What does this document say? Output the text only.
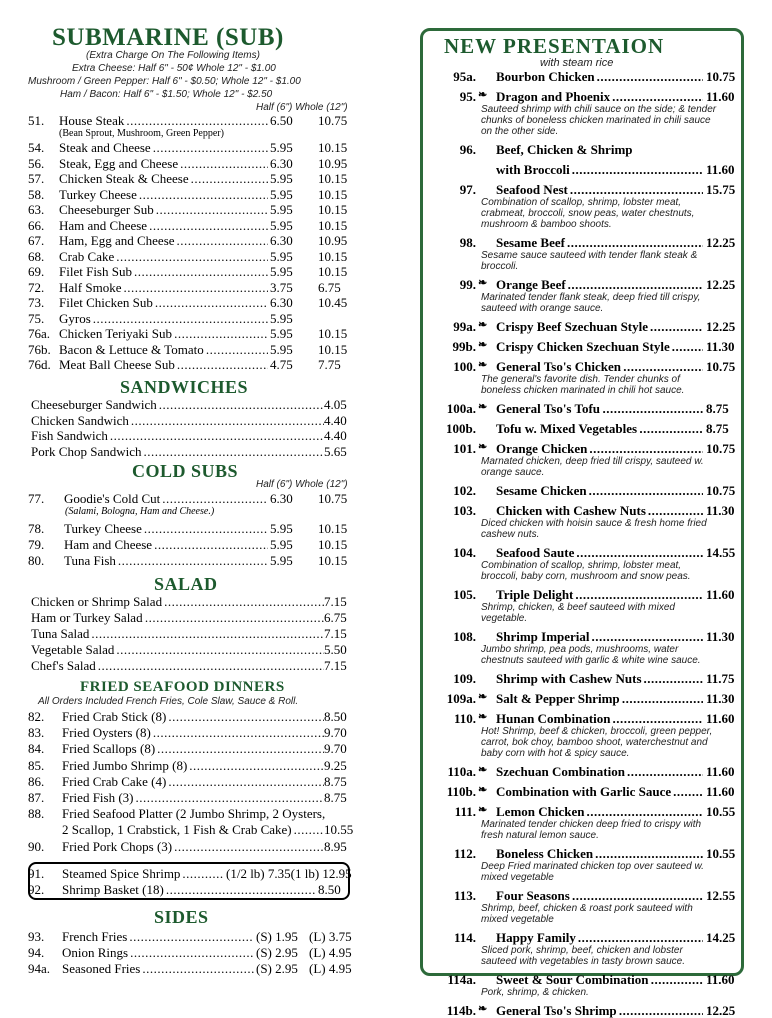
SUBMARINE (SUB)
(Extra Charge On The Following Items)
Extra Cheese: Half 6" - 50¢ Whole 12" - $1.00
Mushroom / Green Pepper: Half 6" - $0.50; Whole 12" - $1.00
Ham / Bacon: Half 6" - $1.50; Whole 12" - $2.50
Half (6") Whole (12")
51. House Steak .....	6.50 10.75
(Bean Sprout, Mushroom, Green Pepper)
54. Steak and Cheese .....	5.95 10.15
56. Steak, Egg and Cheese .....	6.30 10.95
57. Chicken Steak & Cheese .....	5.95 10.15
58. Turkey Cheese .....	5.95 10.15
63. Cheeseburger Sub .....	5.95 10.15
66. Ham and Cheese .....	5.95 10.15
67. Ham, Egg and Cheese .....	6.30 10.95
68. Crab Cake .....	5.95 10.15
69. Filet Fish Sub .....	5.95 10.15
72. Half Smoke .....	3.75 6.75
73. Filet Chicken Sub .....	6.30 10.45
75. Gyros .....	5.95
76a. Chicken Teriyaki Sub .....	5.95 10.15
76b. Bacon & Lettuce & Tomato .....	5.95 10.15
76d. Meat Ball Cheese Sub .....	4.75 7.75
SANDWICHES
Cheeseburger Sandwich .....	4.05
Chicken Sandwich .....	4.40
Fish Sandwich .....	4.40
Pork Chop Sandwich .....	5.65
COLD SUBS
Half (6") Whole (12")
77. Goodie's Cold Cut .....	6.30 10.75
(Salami, Bologna, Ham and Cheese.)
78. Turkey Cheese .....	5.95 10.15
79. Ham and Cheese .....	5.95 10.15
80. Tuna Fish .....	5.95 10.15
SALAD
Chicken or Shrimp Salad .....	7.15
Ham or Turkey Salad .....	6.75
Tuna Salad .....	7.15
Vegetable Salad .....	5.50
Chef's Salad .....	7.15
FRIED SEAFOOD DINNERS
All Orders Included French Fries, Cole Slaw, Sauce & Roll.
82. Fried Crab Stick (8) .....	8.50
83. Fried Oysters (8) .....	9.70
84. Fried Scallops (8) .....	9.70
85. Fried Jumbo Shrimp (8) .....	9.25
86. Fried Crab Cake (4) .....	8.75
87. Fried Fish (3) .....	8.75
88. Fried Seafood Platter (2 Jumbo Shrimp, 2 Oysters,
2 Scallop, 1 Crabstick, 1 Fish & Crab Cake) ..... 10.55
90. Fried Pork Chops (3) .....	8.95
91. Steamed Spice Shrimp .....	(1/2 lb) 7.35(1 lb) 12.95
92. Shrimp Basket (18) .....	8.50
SIDES
93. French Fries .....	(S) 1.95 (L) 3.75
94. Onion Rings .....	(S) 2.95 (L) 4.95
94a. Seasoned Fries .....	(S) 2.95 (L) 4.95
NEW PRESENTAION
with steam rice
95a. Bourbon Chicken .....	10.75
95. ❧ Dragon and Phoenix .....	11.60
Sauteed shrimp with chili sauce on the side; & tender chunks of boneless chicken marinated in chili sauce on the other side.
96. Beef, Chicken & Shrimp
with Broccoli .....	11.60
97. Seafood Nest .....	15.75
Combination of scallop, shrimp, lobster meat, crabmeat, broccoli, snow peas, water chestnuts, mushroom & bamboo shoots.
98. Sesame Beef .....	12.25
Sesame sauce sauteed with tender flank steak & broccoli.
99. ❧ Orange Beef .....	12.25
Marinated tender flank steak, deep fried till crispy, sauteed with orange sauce.
99a. ❧ Crispy Beef Szechuan Style .....	12.25
99b. ❧ Crispy Chicken Szechuan Style .....	11.30
100. ❧ General Tso's Chicken .....	10.75
The general's favorite dish. Tender chunks of boneless chicken marinated in chili hot sauce.
100a. ❧ General Tso's Tofu .....	8.75
100b. Tofu w. Mixed Vegetables .....	8.75
101. ❧ Orange Chicken .....	10.75
Marnated chicken, deep fried till crispy, sauteed w. orange sauce.
102. Sesame Chicken .....	10.75
103. Chicken with Cashew Nuts .....	11.30
Diced chicken with hoisin sauce & fresh home fried cashew nuts.
104. Seafood Saute .....	14.55
Combination of scallop, shrimp, lobster meat, broccoli, baby corn, mushroom and snow peas.
105. Triple Delight .....	11.60
Shrimp, chicken, & beef sauteed with mixed vegetable.
108. Shrimp Imperial .....	11.30
Jumbo shrimp, pea pods, mushrooms, water chestnuts sauteed with garlic & white wine sauce.
109. Shrimp with Cashew Nuts .....	11.75
109a. ❧ Salt & Pepper Shrimp .....	11.30
110. ❧ Hunan Combination .....	11.60
Hot! Shrimp, beef & chicken, broccoli, green pepper, carrot, bok choy, bamboo shoot, waterchestnut and baby corn with hot & spicy sauce.
110a. ❧ Szechuan Combination .....	11.60
110b. ❧ Combination with Garlic Sauce .....	11.60
111. ❧ Lemon Chicken .....	10.55
Marinated tender chicken deep fried to crispy with fresh natural lemon sauce.
112. Boneless Chicken .....	10.55
Deep Fried marinated chicken top over sauteed w. mixed vegetable
113. Four Seasons .....	12.55
Shrimp, beef, chicken & roast pork sauteed with mixed vegetable
114. Happy Family .....	14.25
Sliced pork, shrimp, beef, chicken and lobster sauteed with vegetables in tasty brown sauce.
114a. Sweet & Sour Combination .....	11.60
Pork, shrimp, & chicken.
114b. ❧ General Tso's Shrimp .....	12.25
